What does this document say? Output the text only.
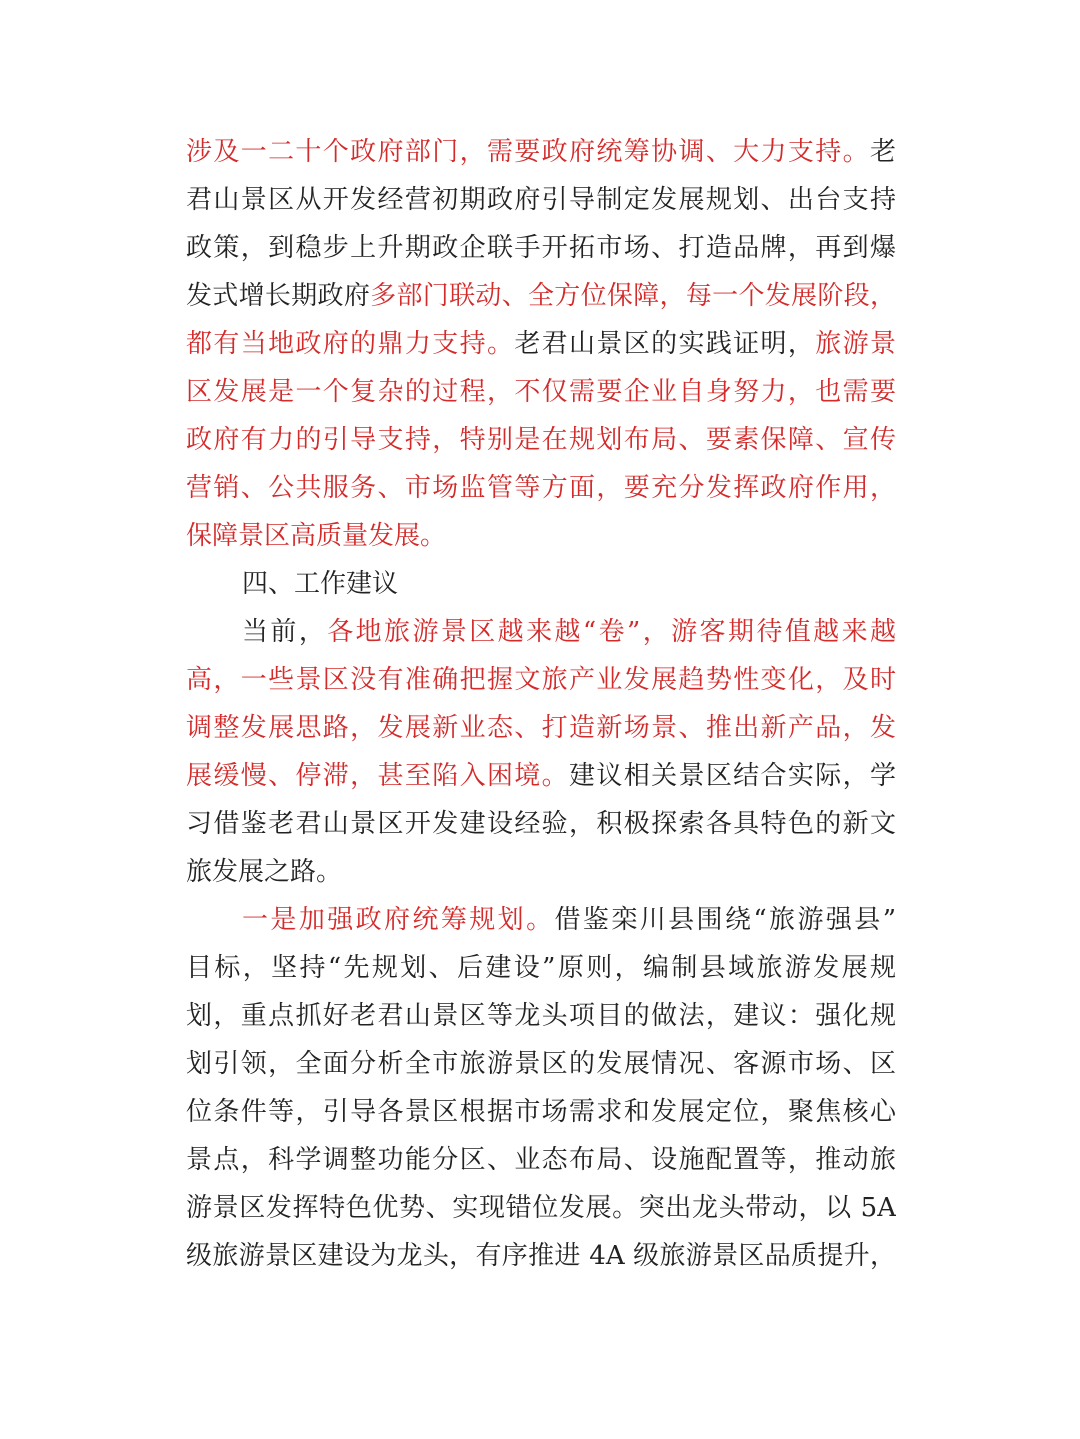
涉及一二十个政府部门，需要政府统筹协调、大力支持。老
君山景区从开发经营初期政府引导制定发展规划、出台支持
政策，到稳步上升期政企联手开拓市场、打造品牌，再到爆
发式增长期政府多部门联动、全方位保障，每一个发展阶段，
都有当地政府的鼎力支持。老君山景区的实践证明，旅游景
区发展是一个复杂的过程，不仅需要企业自身努力，也需要
政府有力的引导支持，特别是在规划布局、要素保障、宣传
营销、公共服务、市场监管等方面，要充分发挥政府作用，
保障景区高质量发展。
四、工作建议
当前，各地旅游景区越来越“卷”，游客期待值越来越
高，一些景区没有准确把握文旅产业发展趋势性变化，及时
调整发展思路，发展新业态、打造新场景、推出新产品，发
展缓慢、停滞，甚至陷入困境。建议相关景区结合实际，学
习借鉴老君山景区开发建设经验，积极探索各具特色的新文
旅发展之路。
一是加强政府统筹规划。借鉴栾川县围绕“旅游强县”
目标，坚持“先规划、后建设”原则，编制县域旅游发展规
划，重点抓好老君山景区等龙头项目的做法，建议：强化规
划引领，全面分析全市旅游景区的发展情况、客源市场、区
位条件等，引导各景区根据市场需求和发展定位，聚焦核心
景点，科学调整功能分区、业态布局、设施配置等，推动旅
游景区发挥特色优势、实现错位发展。突出龙头带动，以 5A
级旅游景区建设为龙头，有序推进 4A 级旅游景区品质提升，
